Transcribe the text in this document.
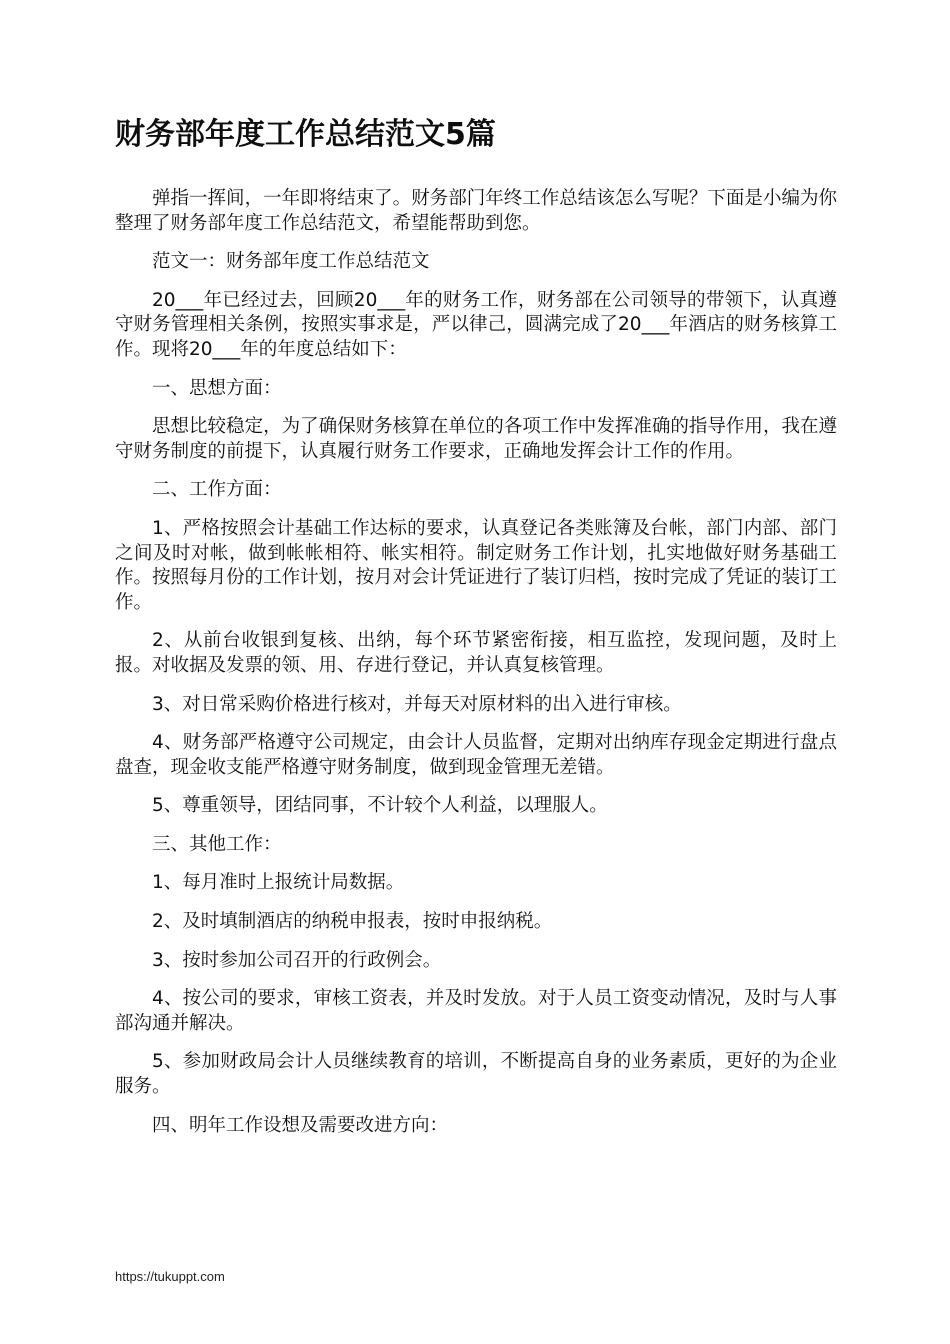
财务部年度工作总结范文5篇

弹指一挥间，一年即将结束了。财务部门年终工作总结该怎么写呢？下面是小编为你整理了财务部年度工作总结范文，希望能帮助到您。

范文一：财务部年度工作总结范文

20___年已经过去，回顾20___年的财务工作，财务部在公司领导的带领下，认真遵守财务管理相关条例，按照实事求是，严以律己，圆满完成了20___年酒店的财务核算工作。现将20___年的年度总结如下：

一、思想方面：

思想比较稳定，为了确保财务核算在单位的各项工作中发挥准确的指导作用，我在遵守财务制度的前提下，认真履行财务工作要求，正确地发挥会计工作的作用。

二、工作方面：

1、严格按照会计基础工作达标的要求，认真登记各类账簿及台帐，部门内部、部门之间及时对帐，做到帐帐相符、帐实相符。制定财务工作计划，扎实地做好财务基础工作。按照每月份的工作计划，按月对会计凭证进行了装订归档，按时完成了凭证的装订工作。

2、从前台收银到复核、出纳，每个环节紧密衔接，相互监控，发现问题，及时上报。对收据及发票的领、用、存进行登记，并认真复核管理。

3、对日常采购价格进行核对，并每天对原材料的出入进行审核。

4、财务部严格遵守公司规定，由会计人员监督，定期对出纳库存现金定期进行盘点盘查，现金收支能严格遵守财务制度，做到现金管理无差错。

5、尊重领导，团结同事，不计较个人利益，以理服人。

三、其他工作：

1、每月准时上报统计局数据。

2、及时填制酒店的纳税申报表，按时申报纳税。

3、按时参加公司召开的行政例会。

4、按公司的要求，审核工资表，并及时发放。对于人员工资变动情况，及时与人事部沟通并解决。

5、参加财政局会计人员继续教育的培训，不断提高自身的业务素质，更好的为企业服务。

四、明年工作设想及需要改进方向：

https://tukuppt.com
